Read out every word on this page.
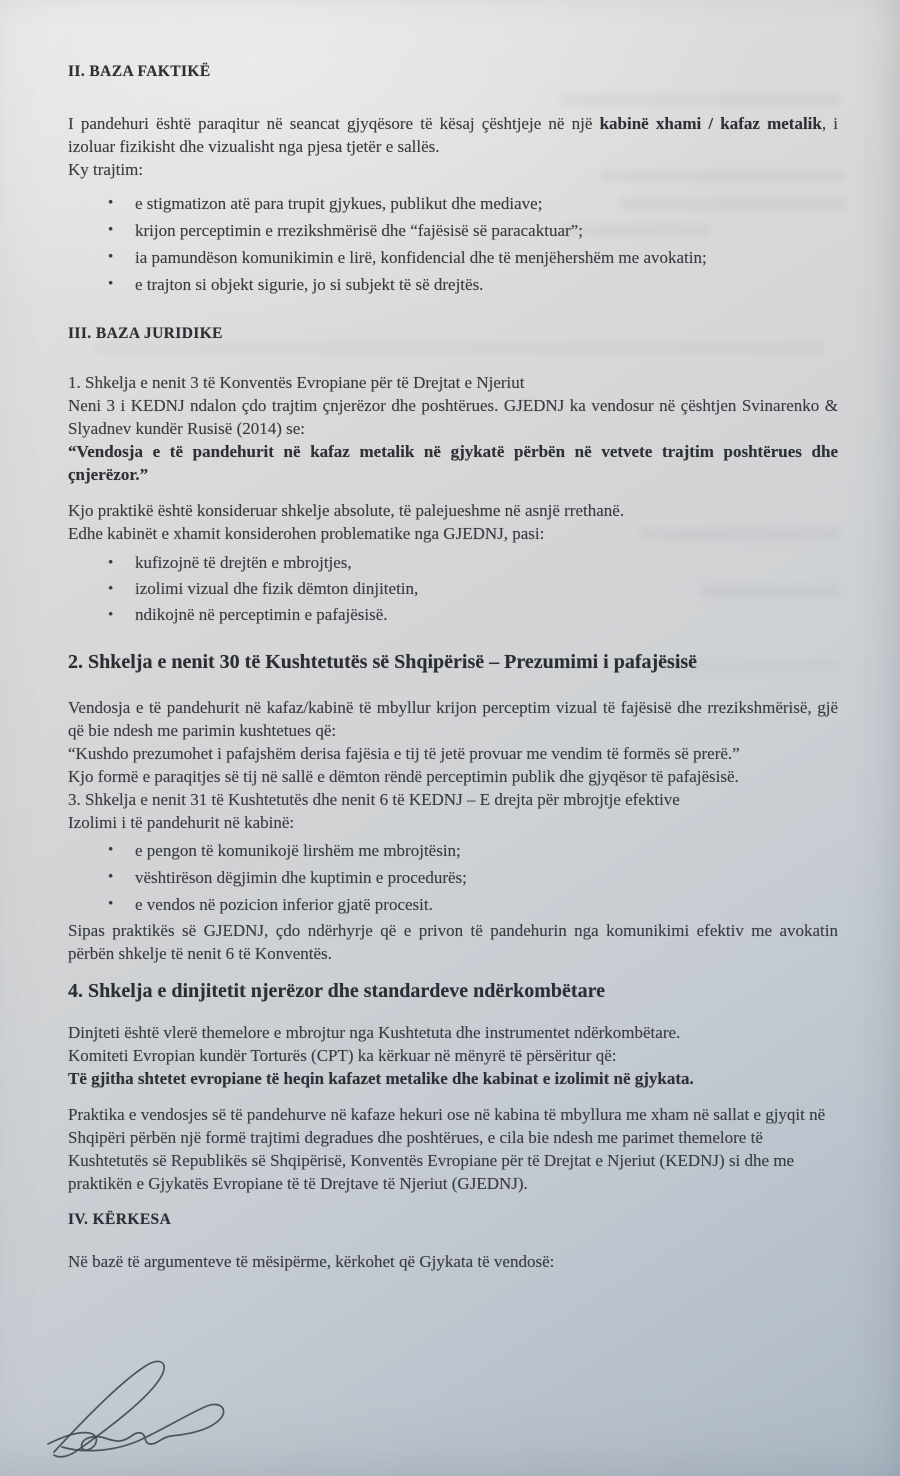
II. BAZA FAKTIKË

I pandehuri është paraqitur në seancat gjyqësore të kësaj çështjeje në një kabinë xhami / kafaz metalik, i izoluar fizikisht dhe vizualisht nga pjesa tjetër e sallës.

Ky trajtim:

• e stigmatizon atë para trupit gjykues, publikut dhe mediave;
• krijon perceptimin e rrezikshmërisë dhe “fajësisë së paracaktuar”;
• ia pamundëson komunikimin e lirë, konfidencial dhe të menjëhershëm me avokatin;
• e trajton si objekt sigurie, jo si subjekt të së drejtës.
III. BAZA JURIDIKE

1. Shkelja e nenit 3 të Konventës Evropiane për të Drejtat e Njeriut

Neni 3 i KEDNJ ndalon çdo trajtim çnjerëzor dhe poshtërues. GJEDNJ ka vendosur në çështjen Svinarenko & Slyadnev kundër Rusisë (2014) se:

“Vendosja e të pandehurit në kafaz metalik në gjykatë përbën në vetvete trajtim poshtërues dhe çnjerëzor.”

Kjo praktikë është konsideruar shkelje absolute, të palejueshme në asnjë rrethanë.

Edhe kabinët e xhamit konsiderohen problematike nga GJEDNJ, pasi:

• kufizojnë të drejtën e mbrojtjes,
• izolimi vizual dhe fizik dëmton dinjitetin,
• ndikojnë në perceptimin e pafajësisë.
2. Shkelja e nenit 30 të Kushtetutës së Shqipërisë – Prezumimi i pafajësisë

Vendosja e të pandehurit në kafaz/kabinë të mbyllur krijon perceptim vizual të fajësisë dhe rrezikshmërisë, gjë që bie ndesh me parimin kushtetues që:

“Kushdo prezumohet i pafajshëm derisa fajësia e tij të jetë provuar me vendim të formës së prerë.”

Kjo formë e paraqitjes së tij në sallë e dëmton rëndë perceptimin publik dhe gjyqësor të pafajësisë.

3. Shkelja e nenit 31 të Kushtetutës dhe nenit 6 të KEDNJ – E drejta për mbrojtje efektive

Izolimi i të pandehurit në kabinë:

• e pengon të komunikojë lirshëm me mbrojtësin;
• vështirëson dëgjimin dhe kuptimin e procedurës;
• e vendos në pozicion inferior gjatë procesit.

Sipas praktikës së GJEDNJ, çdo ndërhyrje që e privon të pandehurin nga komunikimi efektiv me avokatin përbën shkelje të nenit 6 të Konventës.

4. Shkelja e dinjitetit njerëzor dhe standardeve ndërkombëtare

Dinjteti është vlerë themelore e mbrojtur nga Kushtetuta dhe instrumentet ndërkombëtare.

Komiteti Evropian kundër Torturës (CPT) ka kërkuar në mënyrë të përsëritur që:

Të gjitha shtetet evropiane të heqin kafazet metalike dhe kabinat e izolimit në gjykata.

Praktika e vendosjes së të pandehurve në kafaze hekuri ose në kabina të mbyllura me xham në sallat e gjyqit në Shqipëri përbën një formë trajtimi degradues dhe poshtërues, e cila bie ndesh me parimet themelore të Kushtetutës së Republikës së Shqipërisë, Konventës Evropiane për të Drejtat e Njeriut (KEDNJ) si dhe me praktikën e Gjykatës Evropiane të të Drejtave të Njeriut (GJEDNJ).

IV. KËRKESA

Në bazë të argumenteve të mësipërme, kërkohet që Gjykata të vendosë:
